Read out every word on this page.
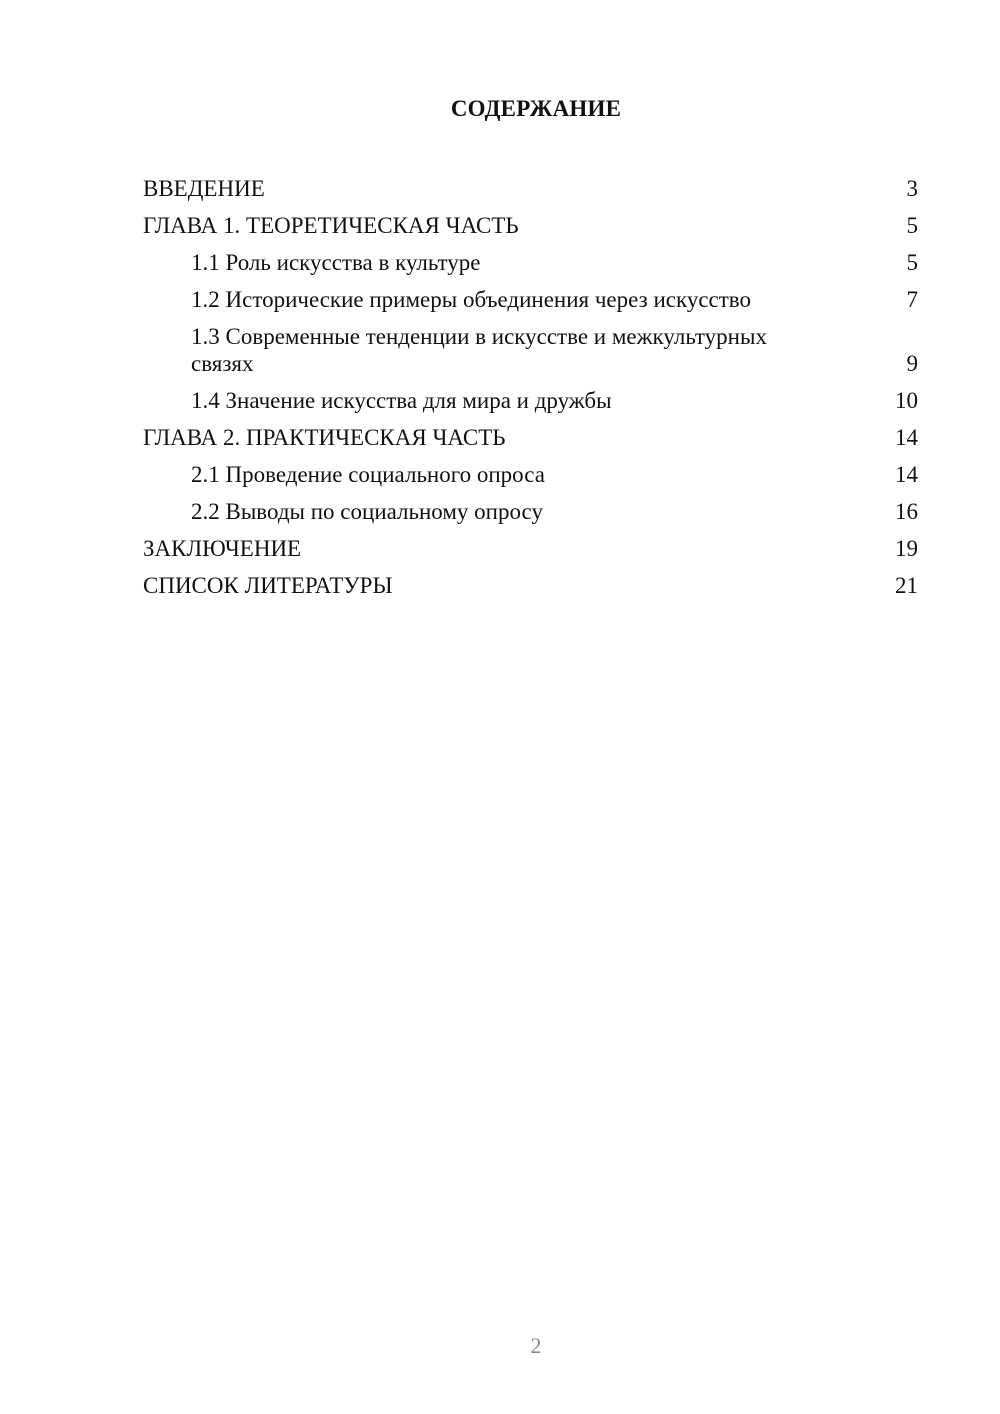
СОДЕРЖАНИЕ
ВВЕДЕНИЕ	3
ГЛАВА 1. ТЕОРЕТИЧЕСКАЯ ЧАСТЬ	5
1.1 Роль искусства в культуре	5
1.2 Исторические примеры объединения через искусство	7
1.3 Современные тенденции в искусстве и межкультурных связях	9
1.4 Значение искусства для мира и дружбы	10
ГЛАВА 2. ПРАКТИЧЕСКАЯ ЧАСТЬ	14
2.1 Проведение социального опроса	14
2.2 Выводы по социальному опросу	16
ЗАКЛЮЧЕНИЕ	19
СПИСОК ЛИТЕРАТУРЫ	21
2
